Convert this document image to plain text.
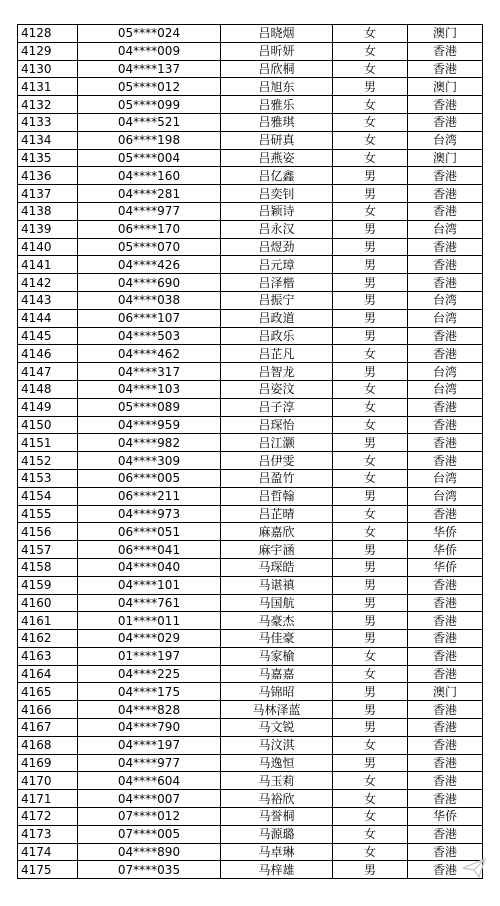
4128	05****024	吕晓烟	女	澳门
4129	04****009	吕昕妍	女	香港
4130	04****137	吕欣桐	女	香港
4131	05****012	吕旭东	男	澳门
4132	05****099	吕雅乐	女	香港
4133	04****521	吕雅琪	女	香港
4134	06****198	吕研真	女	台湾
4135	05****004	吕燕姿	女	澳门
4136	04****160	吕亿鑫	男	香港
4137	04****281	吕奕钊	男	香港
4138	04****977	吕颖诗	女	香港
4139	06****170	吕永汉	男	台湾
4140	05****070	吕煜劲	男	香港
4141	04****426	吕元璋	男	香港
4142	04****690	吕泽楷	男	香港
4143	04****038	吕振宁	男	台湾
4144	06****107	吕政道	男	台湾
4145	04****503	吕政乐	男	香港
4146	04****462	吕芷凡	女	香港
4147	04****317	吕智龙	男	台湾
4148	04****103	吕姿汶	女	台湾
4149	05****089	吕子淳	女	香港
4150	04****959	吕琛怡	女	香港
4151	04****982	吕江灏	男	香港
4152	04****309	吕伊雯	女	香港
4153	06****005	吕盈竹	女	台湾
4154	06****211	吕哲翰	男	台湾
4155	04****973	吕芷晴	女	香港
4156	06****051	麻嘉欣	女	华侨
4157	06****041	麻宇涵	男	华侨
4158	04****040	马琛皓	男	华侨
4159	04****101	马谌禛	男	香港
4160	04****761	马国航	男	香港
4161	01****011	马豪杰	男	香港
4162	04****029	马佳豪	男	香港
4163	01****197	马家榆	女	香港
4164	04****225	马嘉嘉	女	香港
4165	04****175	马锦昭	男	澳门
4166	04****828	马林泽蓝	男	香港
4167	04****790	马文锐	男	香港
4168	04****197	马汶淇	女	香港
4169	04****977	马逸恒	男	香港
4170	04****604	马玉莉	女	香港
4171	04****007	马裕欣	女	香港
4172	07****012	马誉桐	女	华侨
4173	07****005	马源璐	女	香港
4174	04****890	马卓琳	女	香港
4175	07****035	马梓雄	男	香港
